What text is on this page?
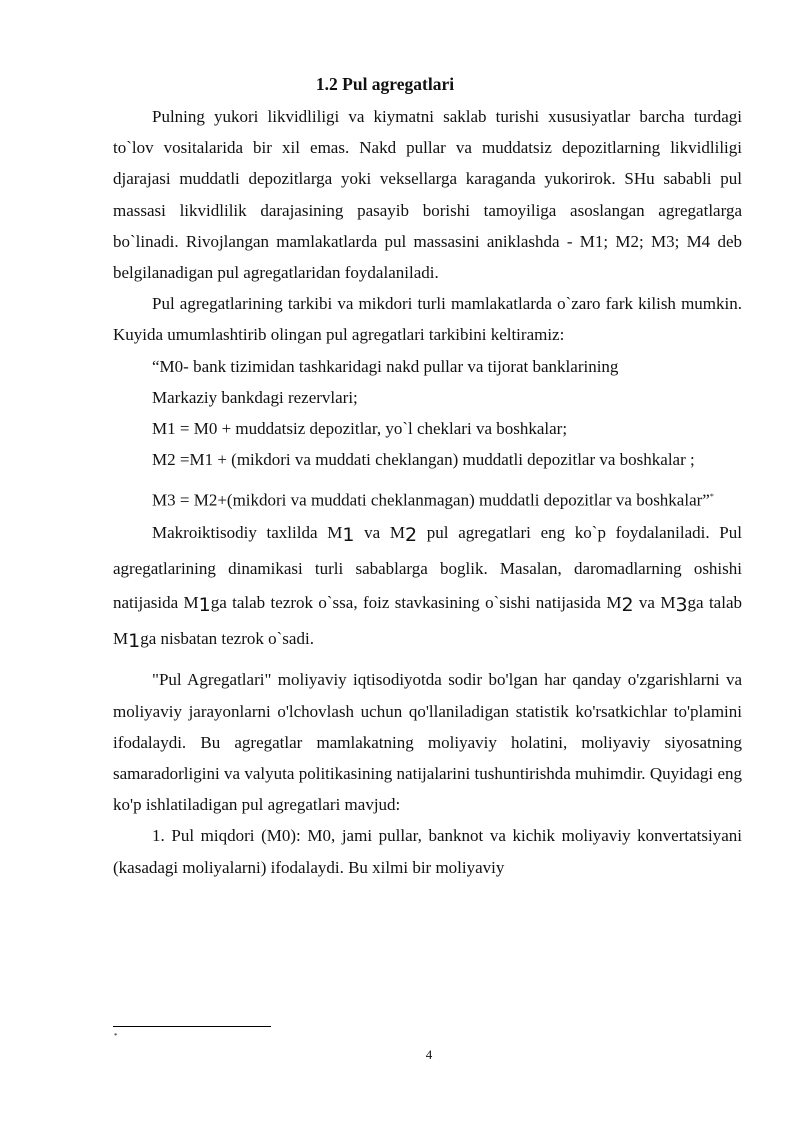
1.2 Pul agregatlari

Pulning yukori likvidliligi va kiymatni saklab turishi xususiyatlar barcha turdagi to`lov vositalarida bir xil emas. Nakd pullar va muddatsiz depozitlarning likvidliligi djarajasi muddatli depozitlarga yoki veksellarga karaganda yukorirok. SHu sababli pul massasi likvidlilik darajasining pasayib borishi tamoyiliga asoslangan agregatlarga bo`linadi. Rivojlangan mamlakatlarda pul massasini aniklashda - M1; M2; M3; M4 deb belgilanadigan pul agregatlaridan foydalaniladi.

Pul agregatlarining tarkibi va mikdori turli mamlakatlarda o`zaro fark kilish mumkin. Kuyida umumlashtirib olingan pul agregatlari tarkibini keltiramiz:

“M0- bank tizimidan tashkaridagi nakd pullar va tijorat banklarining

Markaziy bankdagi rezervlari;

M1 = M0 + muddatsiz depozitlar, yo`l cheklari va boshkalar;

M2 =M1 + (mikdori va muddati cheklangan) muddatli depozitlar va boshkalar ;

M3 = M2+(mikdori va muddati cheklanmagan) muddatli depozitlar va boshkalar”*

Makroiktisodiy taxlilda M1 va M2 pul agregatlari eng ko`p foydalaniladi. Pul agregatlarining dinamikasi turli sabablarga boglik. Masalan, daromadlarning oshishi natijasida M1ga talab tezrok o`ssa, foiz stavkasining o`sishi natijasida M2 va M3ga talab M1ga nisbatan tezrok o`sadi.

"Pul Agregatlari" moliyaviy iqtisodiyotda sodir bo'lgan har qanday o'zgarishlarni va moliyaviy jarayonlarni o'lchovlash uchun qo'llaniladigan statistik ko'rsatkichlar to'plamini ifodalaydi. Bu agregatlar mamlakatning moliyaviy holatini, moliyaviy siyosatning samaradorligini va valyuta politikasining natijalarini tushuntirishda muhimdir. Quyidagi eng ko'p ishlatiladigan pul agregatlari mavjud:

1. Pul miqdori (M0): M0, jami pullar, banknot va kichik moliyaviy konvertatsiyani (kasadagi moliyalarni) ifodalaydi. Bu xilmi bir moliyaviy

*
4
